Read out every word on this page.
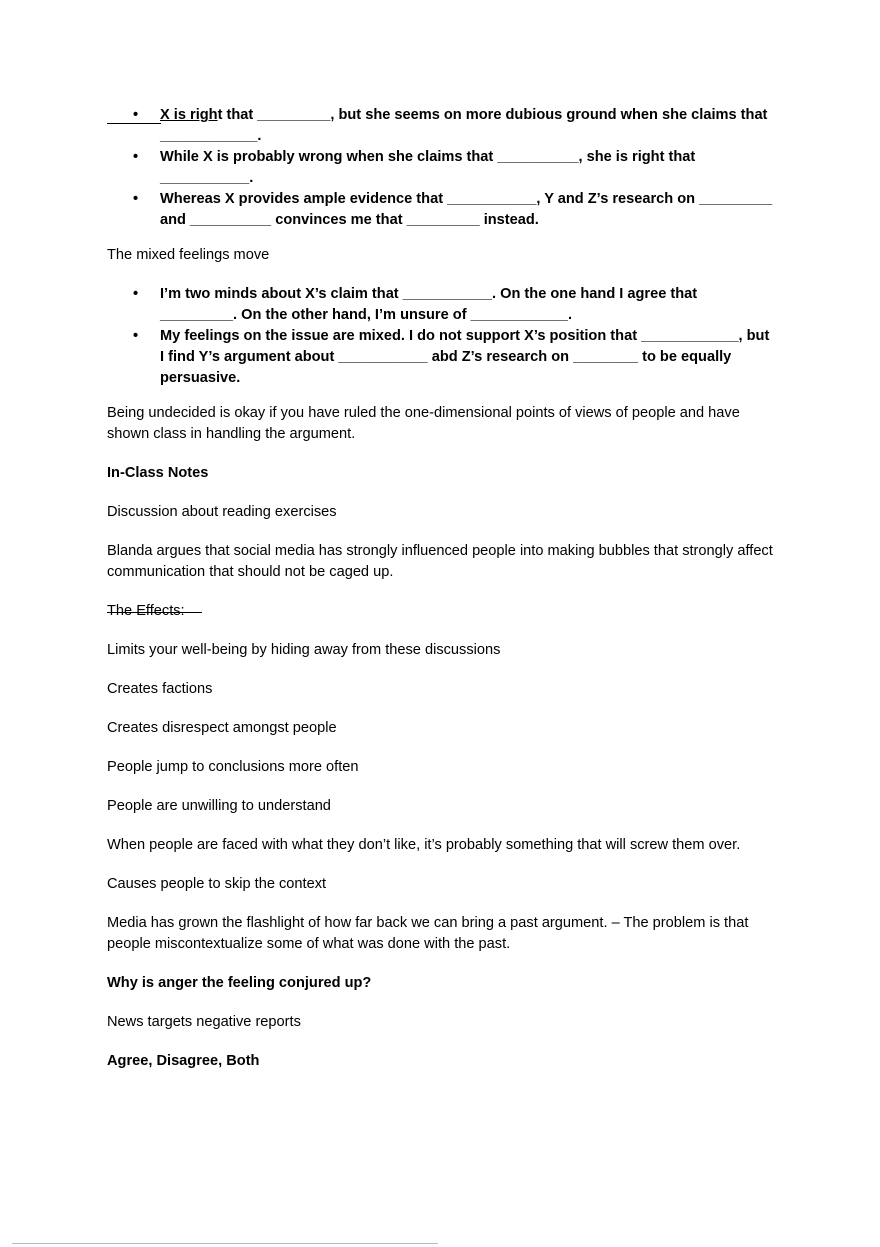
• X is right that _________, but she seems on more dubious ground when she claims that ____________.
• While X is probably wrong when she claims that __________, she is right that ___________.
• Whereas X provides ample evidence that ___________, Y and Z’s research on _________ and __________ convinces me that _________ instead.

The mixed feelings move

• I’m two minds about X’s claim that ___________. On the one hand I agree that _________. On the other hand, I’m unsure of ____________.
• My feelings on the issue are mixed. I do not support X’s position that ____________, but I find Y’s argument about ___________ abd Z’s research on ________ to be equally persuasive.

Being undecided is okay if you have ruled the one-dimensional points of views of people and have shown class in handling the argument.

In-Class Notes

Discussion about reading exercises

Blanda argues that social media has strongly influenced people into making bubbles that strongly affect communication that should not be caged up.

The Effects:

Limits your well-being by hiding away from these discussions

Creates factions

Creates disrespect amongst people

People jump to conclusions more often

People are unwilling to understand

When people are faced with what they don’t like, it’s probably something that will screw them over.

Causes people to skip the context

Media has grown the flashlight of how far back we can bring a past argument. – The problem is that people miscontextualize some of what was done with the past.

Why is anger the feeling conjured up?

News targets negative reports

Agree, Disagree, Both
